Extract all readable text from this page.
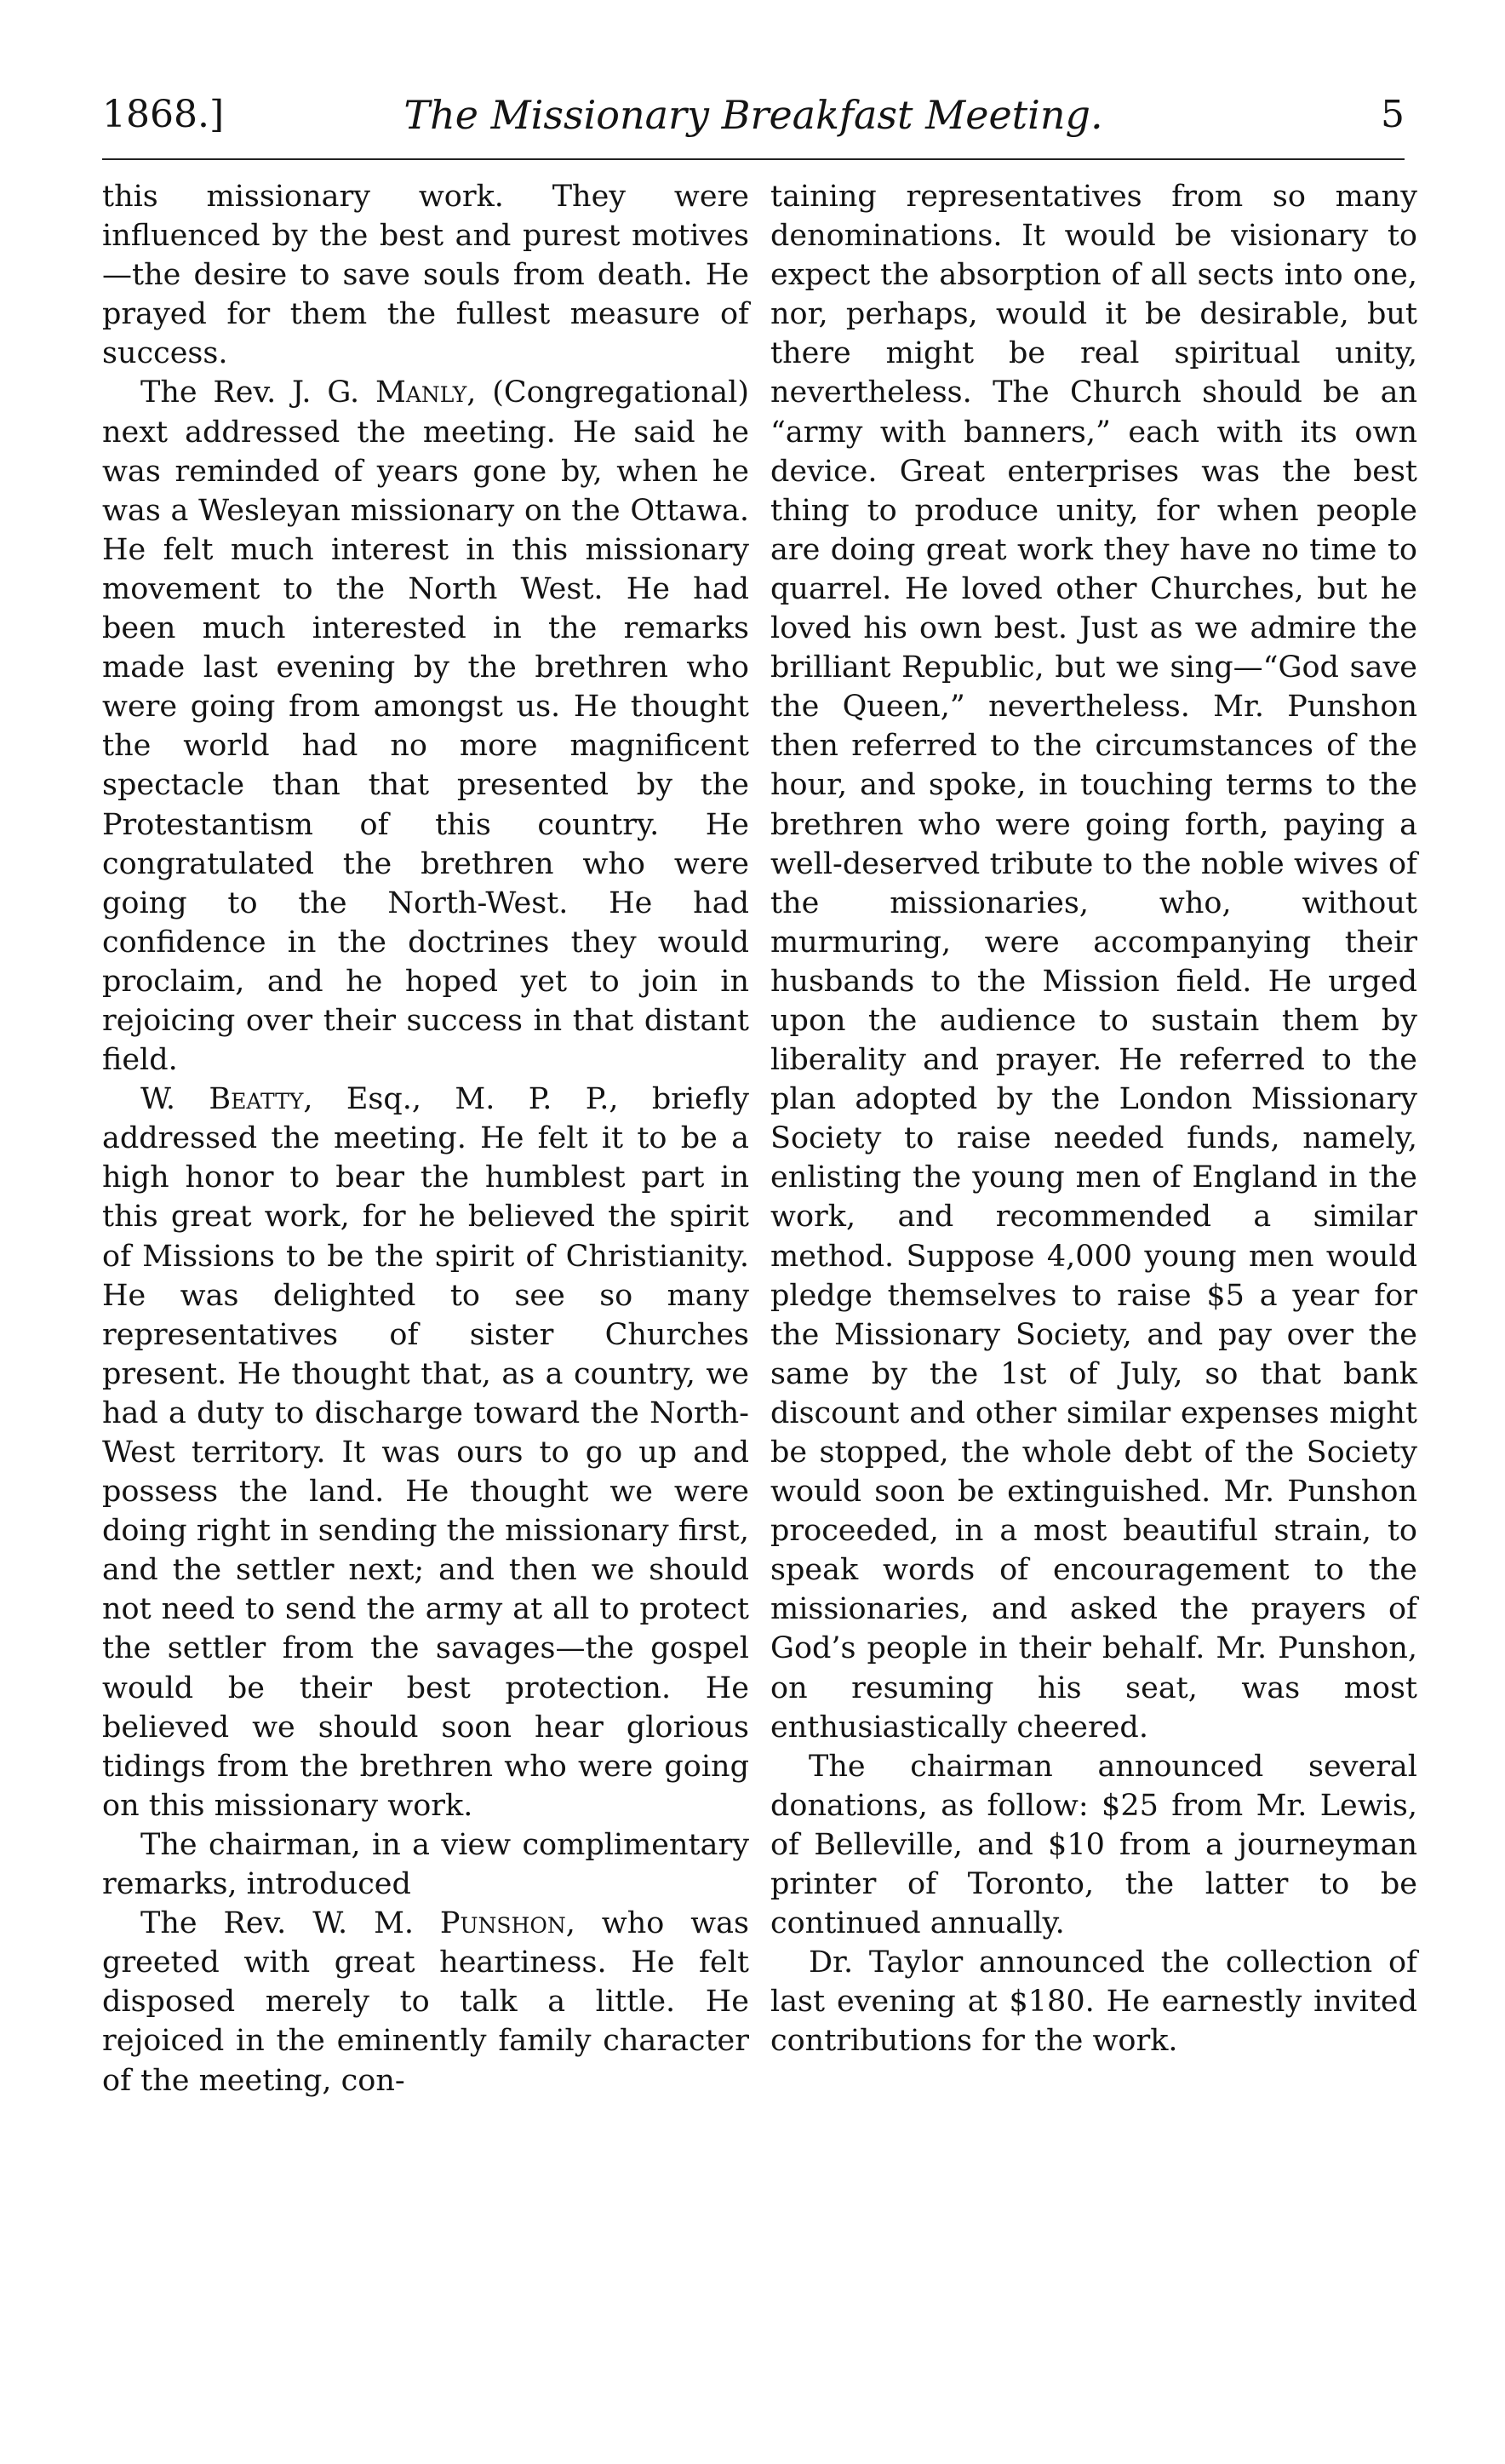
1868.]	The Missionary Breakfast Meeting.	5

this missionary work. They were influenced by the best and purest motives—the desire to save souls from death. He prayed for them the fullest measure of success.

The Rev. J. G. Manly, (Congregational) next addressed the meeting. He said he was reminded of years gone by, when he was a Wesleyan missionary on the Ottawa. He felt much interest in this missionary movement to the North West. He had been much interested in the remarks made last evening by the brethren who were going from amongst us. He thought the world had no more magnificent spectacle than that presented by the Protestantism of this country. He congratulated the brethren who were going to the North-West. He had confidence in the doctrines they would proclaim, and he hoped yet to join in rejoicing over their success in that distant field.

W. Beatty, Esq., M. P. P., briefly addressed the meeting. He felt it to be a high honor to bear the humblest part in this great work, for he believed the spirit of Missions to be the spirit of Christianity. He was delighted to see so many representatives of sister Churches present. He thought that, as a country, we had a duty to discharge toward the North-West territory. It was ours to go up and possess the land. He thought we were doing right in sending the missionary first, and the settler next; and then we should not need to send the army at all to protect the settler from the savages—the gospel would be their best protection. He believed we should soon hear glorious tidings from the brethren who were going on this missionary work.

The chairman, in a view complimentary remarks, introduced

The Rev. W. M. Punshon, who was greeted with great heartiness. He felt disposed merely to talk a little. He rejoiced in the eminently family character of the meeting, con-

taining representatives from so many denominations. It would be visionary to expect the absorption of all sects into one, nor, perhaps, would it be desirable, but there might be real spiritual unity, nevertheless. The Church should be an “army with banners,” each with its own device. Great enterprises was the best thing to produce unity, for when people are doing great work they have no time to quarrel. He loved other Churches, but he loved his own best. Just as we admire the brilliant Republic, but we sing—“God save the Queen,” nevertheless. Mr. Punshon then referred to the circumstances of the hour, and spoke, in touching terms to the brethren who were going forth, paying a well-deserved tribute to the noble wives of the missionaries, who, without murmuring, were accompanying their husbands to the Mission field. He urged upon the audience to sustain them by liberality and prayer. He referred to the plan adopted by the London Missionary Society to raise needed funds, namely, enlisting the young men of England in the work, and recommended a similar method. Suppose 4,000 young men would pledge themselves to raise $5 a year for the Missionary Society, and pay over the same by the 1st of July, so that bank discount and other similar expenses might be stopped, the whole debt of the Society would soon be extinguished. Mr. Punshon proceeded, in a most beautiful strain, to speak words of encouragement to the missionaries, and asked the prayers of God’s people in their behalf. Mr. Punshon, on resuming his seat, was most enthusiastically cheered.

The chairman announced several donations, as follow: $25 from Mr. Lewis, of Belleville, and $10 from a journeyman printer of Toronto, the latter to be continued annually.

Dr. Taylor announced the collection of last evening at $180. He earnestly invited contributions for the work.
